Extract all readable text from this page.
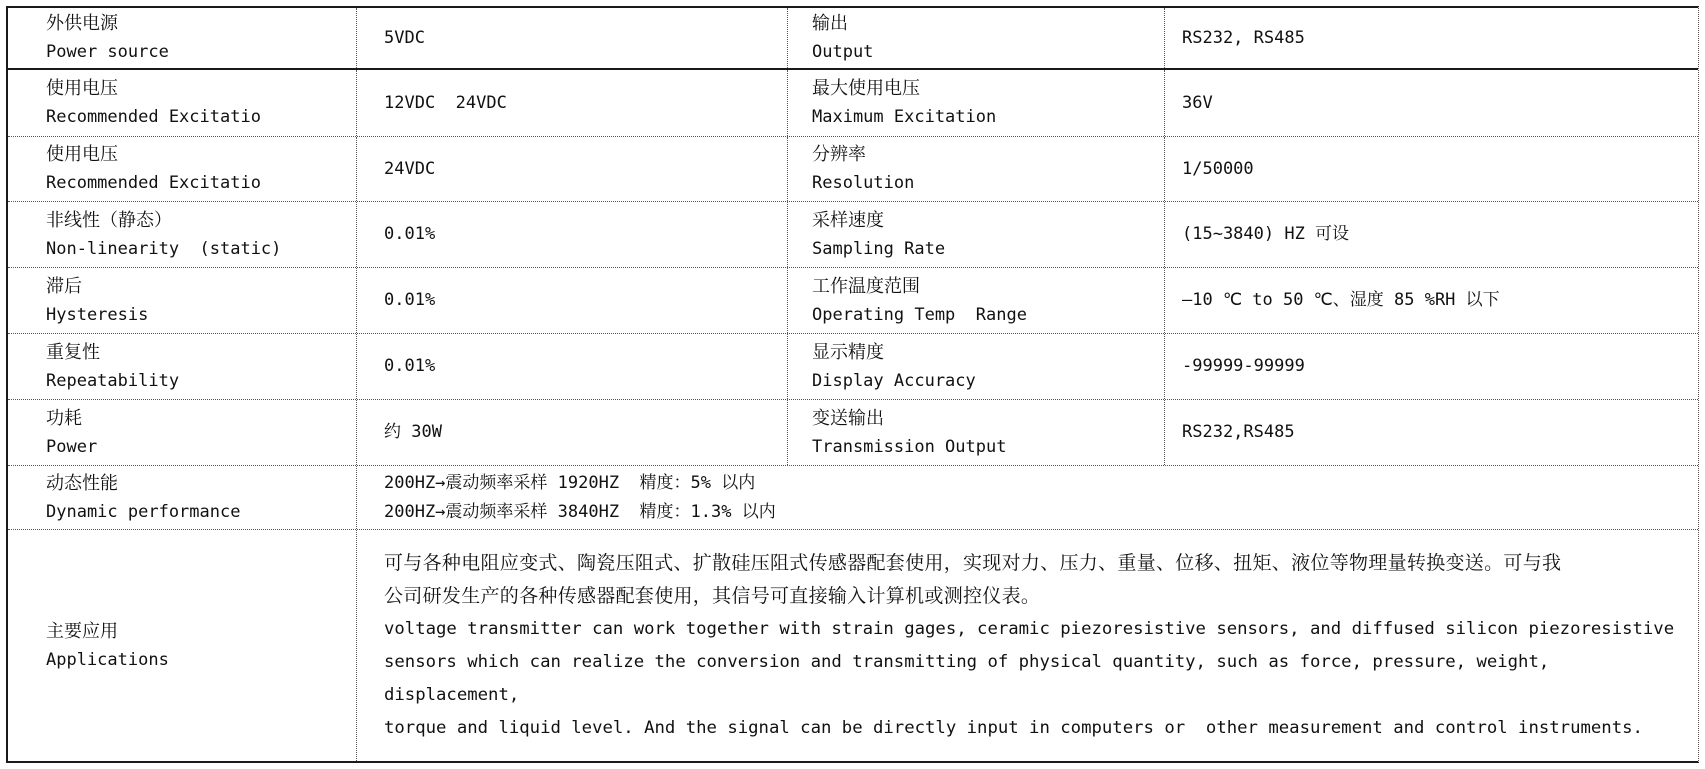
外供电源
Power source
5VDC
输出
Output
RS232, RS485
使用电压
Recommended Excitatio
12VDC  24VDC
最大使用电压
Maximum Excitation
36V
使用电压
Recommended Excitatio
24VDC
分辨率
Resolution
1/50000
非线性（静态）
Non-linearity  (static)
0.01%
采样速度
Sampling Rate
(15~3840) HZ 可设
滞后
Hysteresis
0.01%
工作温度范围
Operating Temp  Range
—10 ℃ to 50 ℃、湿度 85 %RH 以下
重复性
Repeatability
0.01%
显示精度
Display Accuracy
-99999-99999
功耗
Power
约 30W
变送输出
Transmission Output
RS232,RS485
动态性能
Dynamic performance
200HZ→震动频率采样 1920HZ  精度：5% 以内
200HZ→震动频率采样 3840HZ  精度：1.3% 以内
主要应用
Applications
可与各种电阻应变式、陶瓷压阻式、扩散硅压阻式传感器配套使用，实现对力、压力、重量、位移、扭矩、液位等物理量转换变送。可与我
公司研发生产的各种传感器配套使用，其信号可直接输入计算机或测控仪表。
voltage transmitter can work together with strain gages, ceramic piezoresistive sensors, and diffused silicon piezoresistive
sensors which can realize the conversion and transmitting of physical quantity, such as force, pressure, weight, displacement,
torque and liquid level. And the signal can be directly input in computers or  other measurement and control instruments.
